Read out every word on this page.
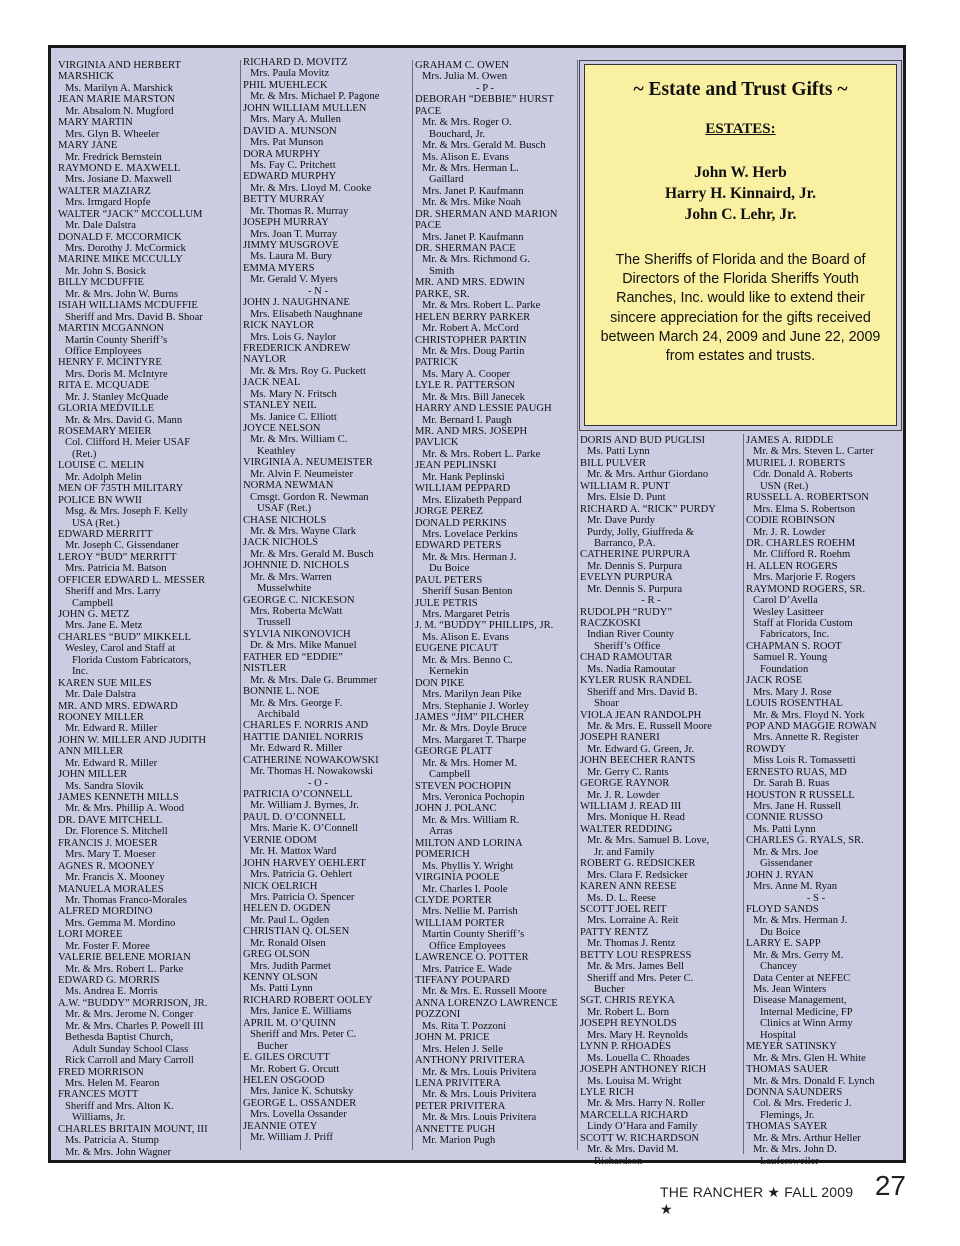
VIRGINIA AND HERBERT
MARSHICK
Ms. Marilyn A. Marshick
JEAN MARIE MARSTON
Mr. Absalom N. Mugford
MARY MARTIN
Mrs. Glyn B. Wheeler
MARY JANE
Mr. Fredrick Bernstein
RAYMOND E. MAXWELL
Mrs. Josiane D. Maxwell
WALTER MAZIARZ
Mrs. Irmgard Hopfe
WALTER “JACK” MCCOLLUM
Mr. Dale Dalstra
DONALD F. MCCORMICK
Mrs. Dorothy J. McCormick
MARINE MIKE MCCULLY
Mr. John S. Bosick
BILLY MCDUFFIE
Mr. & Mrs. John W. Burns
ISIAH WILLIAMS MCDUFFIE
Sheriff and Mrs. David B. Shoar
MARTIN MCGANNON
Martin County Sheriff’s
Office Employees
HENRY F. MCINTYRE
Mrs. Doris M. McIntyre
RITA E. MCQUADE
Mr. J. Stanley McQuade
GLORIA MEDVILLE
Mr. & Mrs. David G. Mann
ROSEMARY MEIER
Col. Clifford H. Meier USAF
(Ret.)
LOUISE C. MELIN
Mr. Adolph Melin
MEN OF 735TH MILITARY
POLICE BN WWII
Msg. & Mrs. Joseph F. Kelly
USA (Ret.)
EDWARD MERRITT
Mr. Joseph C. Gissendaner
LEROY “BUD” MERRITT
Mrs. Patricia M. Batson
OFFICER EDWARD L. MESSER
Sheriff and Mrs. Larry
Campbell
JOHN G. METZ
Mrs. Jane E. Metz
CHARLES “BUD” MIKKELL
Wesley, Carol and Staff at
Florida Custom Fabricators,
Inc.
KAREN SUE MILES
Mr. Dale Dalstra
MR. AND MRS. EDWARD
ROONEY MILLER
Mr. Edward R. Miller
JOHN W. MILLER AND JUDITH
ANN MILLER
Mr. Edward R. Miller
JOHN MILLER
Ms. Sandra Slovik
JAMES KENNETH MILLS
Mr. & Mrs. Phillip A. Wood
DR. DAVE MITCHELL
Dr. Florence S. Mitchell
FRANCIS J. MOESER
Mrs. Mary T. Moeser
AGNES R. MOONEY
Mr. Francis X. Mooney
MANUELA MORALES
Mr. Thomas Franco-Morales
ALFRED MORDINO
Mrs. Gemma M. Mordino
LORI MOREE
Mr. Foster F. Moree
VALERIE BELENE MORIAN
Mr. & Mrs. Robert L. Parke
EDWARD G. MORRIS
Ms. Andrea E. Morris
A.W. “BUDDY” MORRISON, JR.
Mr. & Mrs. Jerome N. Conger
Mr. & Mrs. Charles P. Powell III
Bethesda Baptist Church,
Adult Sunday School Class
Rick Carroll and Mary Carroll
FRED MORRISON
Mrs. Helen M. Fearon
FRANCES MOTT
Sheriff and Mrs. Alton K.
Williams, Jr.
CHARLES BRITAIN MOUNT, III
Ms. Patricia A. Stump
Mr. & Mrs. John Wagner
RICHARD D. MOVITZ
Mrs. Paula Movitz
PHIL MUEHLECK
Mr. & Mrs. Michael P. Pagone
JOHN WILLIAM MULLEN
Mrs. Mary A. Mullen
DAVID A. MUNSON
Mrs. Pat Munson
DORA MURPHY
Ms. Fay C. Pritchett
EDWARD MURPHY
Mr. & Mrs. Lloyd M. Cooke
BETTY MURRAY
Mr. Thomas R. Murray
JOSEPH MURRAY
Mrs. Joan T. Murray
JIMMY MUSGROVE
Ms. Laura M. Bury
EMMA MYERS
Mr. Gerald V. Myers
- N -
JOHN J. NAUGHNANE
Mrs. Elisabeth Naughnane
RICK NAYLOR
Mrs. Lois G. Naylor
FREDERICK ANDREW
NAYLOR
Mr. & Mrs. Roy G. Puckett
JACK NEAL
Ms. Mary N. Fritsch
STANLEY NEIL
Ms. Janice C. Elliott
JOYCE NELSON
Mr. & Mrs. William C.
Keathley
VIRGINIA A. NEUMEISTER
Mr. Alvin F. Neumeister
NORMA NEWMAN
Cmsgt. Gordon R. Newman
USAF (Ret.)
CHASE NICHOLS
Mr. & Mrs. Wayne Clark
JACK NICHOLS
Mr. & Mrs. Gerald M. Busch
JOHNNIE D. NICHOLS
Mr. & Mrs. Warren
Musselwhite
GEORGE C. NICKESON
Mrs. Roberta McWatt
Trussell
SYLVIA NIKONOVICH
Dr. & Mrs. Mike Manuel
FATHER ED “EDDIE”
NISTLER
Mr. & Mrs. Dale G. Brummer
BONNIE L. NOE
Mr. & Mrs. George F.
Archibald
CHARLES F. NORRIS AND
HATTIE DANIEL NORRIS
Mr. Edward R. Miller
CATHERINE NOWAKOWSKI
Mr. Thomas H. Nowakowski
- O -
PATRICIA O’CONNELL
Mr. William J. Byrnes, Jr.
PAUL D. O’CONNELL
Mrs. Marie K. O’Connell
VERNIE ODOM
Mr. H. Mattox Ward
JOHN HARVEY OEHLERT
Mrs. Patricia G. Oehlert
NICK OELRICH
Mrs. Patricia O. Spencer
HELEN D. OGDEN
Mr. Paul L. Ogden
CHRISTIAN Q. OLSEN
Mr. Ronald Olsen
GREG OLSON
Mrs. Judith Parmet
KENNY OLSON
Ms. Patti Lynn
RICHARD ROBERT OOLEY
Mrs. Janice E. Williams
APRIL M. O’QUINN
Sheriff and Mrs. Peter C.
Bucher
E. GILES ORCUTT
Mr. Robert G. Orcutt
HELEN OSGOOD
Mrs. Janice K. Schutsky
GEORGE L. OSSANDER
Mrs. Lovella Ossander
JEANNIE OTEY
Mr. William J. Priff
GRAHAM C. OWEN
Mrs. Julia M. Owen
- P -
DEBORAH “DEBBIE” HURST
PACE
Mr. & Mrs. Roger O.
Bouchard, Jr.
Mr. & Mrs. Gerald M. Busch
Ms. Alison E. Evans
Mr. & Mrs. Herman L.
Gaillard
Mrs. Janet P. Kaufmann
Mr. & Mrs. Mike Noah
DR. SHERMAN AND MARION
PACE
Mrs. Janet P. Kaufmann
DR. SHERMAN PACE
Mr. & Mrs. Richmond G.
Smith
MR. AND MRS. EDWIN
PARKE, SR.
Mr. & Mrs. Robert L. Parke
HELEN BERRY PARKER
Mr. Robert A. McCord
CHRISTOPHER PARTIN
Mr. & Mrs. Doug Partin
PATRICK
Ms. Mary A. Cooper
LYLE R. PATTERSON
Mr. & Mrs. Bill Janecek
HARRY AND LESSIE PAUGH
Mr. Bernard I. Paugh
MR. AND MRS. JOSEPH
PAVLICK
Mr. & Mrs. Robert L. Parke
JEAN PEPLINSKI
Mr. Hank Peplinski
WILLIAM PEPPARD
Mrs. Elizabeth Peppard
JORGE PEREZ
DONALD PERKINS
Mrs. Lovelace Perkins
EDWARD PETERS
Mr. & Mrs. Herman J.
Du Boice
PAUL PETERS
Sheriff Susan Benton
JULE PETRIS
Mrs. Margaret Petris
J. M. “BUDDY” PHILLIPS, JR.
Ms. Alison E. Evans
EUGENE PICAUT
Mr. & Mrs. Benno C.
Kernekin
DON PIKE
Mrs. Marilyn Jean Pike
Mrs. Stephanie J. Worley
JAMES “JIM” PILCHER
Mr. & Mrs. Doyle Bruce
Mrs. Margaret T. Tharpe
GEORGE PLATT
Mr. & Mrs. Homer M.
Campbell
STEVEN POCHOPIN
Mrs. Veronica Pochopin
JOHN J. POLANC
Mr. & Mrs. William R.
Arras
MILTON AND LORINA
POMERICH
Ms. Phyllis Y. Wright
VIRGINIA POOLE
Mr. Charles I. Poole
CLYDE PORTER
Mrs. Nellie M. Parrish
WILLIAM PORTER
Martin County Sheriff’s
Office Employees
LAWRENCE O. POTTER
Mrs. Patrice E. Wade
TIFFANY POUPARD
Mr. & Mrs. E. Russell Moore
ANNA LORENZO LAWRENCE
POZZONI
Ms. Rita T. Pozzoni
JOHN M. PRICE
Mrs. Helen J. Selle
ANTHONY PRIVITERA
Mr. & Mrs. Louis Privitera
LENA PRIVITERA
Mr. & Mrs. Louis Privitera
PETER PRIVITERA
Mr. & Mrs. Louis Privitera
ANNETTE PUGH
Mr. Marion Pugh
~ Estate and Trust Gifts ~
ESTATES:
John W. Herb
Harry H. Kinnaird, Jr.
John C. Lehr, Jr.
The Sheriffs of Florida and the Board of Directors of the Florida Sheriffs Youth Ranches, Inc. would like to extend their sincere appreciation for the gifts received between March 24, 2009 and June 22, 2009 from estates and trusts.
DORIS AND BUD PUGLISI
Ms. Patti Lynn
BILL PULVER
Mr. & Mrs. Arthur Giordano
WILLIAM R. PUNT
Mrs. Elsie D. Punt
RICHARD A. “RICK” PURDY
Mr. Dave Purdy
Purdy, Jolly, Giuffreda &
Barranco, P.A.
CATHERINE PURPURA
Mr. Dennis S. Purpura
EVELYN PURPURA
Mr. Dennis S. Purpura
- R -
RUDOLPH “RUDY”
RACZKOSKI
Indian River County
Sheriff’s Office
CHAD RAMOUTAR
Ms. Nadia Ramoutar
KYLER RUSK RANDEL
Sheriff and Mrs. David B.
Shoar
VIOLA JEAN RANDOLPH
Mr. & Mrs. E. Russell Moore
JOSEPH RANERI
Mr. Edward G. Green, Jr.
JOHN BEECHER RANTS
Mr. Gerry C. Rants
GEORGE RAYNOR
Mr. J. R. Lowder
WILLIAM J. READ III
Mrs. Monique H. Read
WALTER REDDING
Mr. & Mrs. Samuel B. Love,
Jr. and Family
ROBERT G. REDSICKER
Mrs. Clara F. Redsicker
KAREN ANN REESE
Ms. D. L. Reese
SCOTT JOEL REIT
Mrs. Lorraine A. Reit
PATTY RENTZ
Mr. Thomas J. Rentz
BETTY LOU RESPRESS
Mr. & Mrs. James Bell
Sheriff and Mrs. Peter C.
Bucher
SGT. CHRIS REYKA
Mr. Robert L. Born
JOSEPH REYNOLDS
Mrs. Mary H. Reynolds
LYNN P. RHOADES
Ms. Louella C. Rhoades
JOSEPH ANTHONEY RICH
Ms. Louisa M. Wright
LYLE RICH
Mr. & Mrs. Harry N. Roller
MARCELLA RICHARD
Lindy O’Hara and Family
SCOTT W. RICHARDSON
Mr. & Mrs. David M.
Richardson
JAMES A. RIDDLE
Mr. & Mrs. Steven L. Carter
MURIEL J. ROBERTS
Cdr. Donald A. Roberts
USN (Ret.)
RUSSELL A. ROBERTSON
Mrs. Elma S. Robertson
CODIE ROBINSON
Mr. J. R. Lowder
DR. CHARLES ROEHM
Mr. Clifford R. Roehm
H. ALLEN ROGERS
Mrs. Marjorie F. Rogers
RAYMOND ROGERS, SR.
Carol D’Avella
Wesley Lasitteer
Staff at Florida Custom
Fabricators, Inc.
CHAPMAN S. ROOT
Samuel R. Young
Foundation
JACK ROSE
Mrs. Mary J. Rose
LOUIS ROSENTHAL
Mr. & Mrs. Floyd N. York
POP AND MAGGIE ROWAN
Mrs. Annette R. Register
ROWDY
Miss Lois R. Tomassetti
ERNESTO RUAS, MD
Dr. Sarah B. Ruas
HOUSTON R RUSSELL
Mrs. Jane H. Russell
CONNIE RUSSO
Ms. Patti Lynn
CHARLES G. RYALS, SR.
Mr. & Mrs. Joe
Gissendaner
JOHN J. RYAN
Mrs. Anne M. Ryan
- S -
FLOYD SANDS
Mr. & Mrs. Herman J.
Du Boice
LARRY E. SAPP
Mr. & Mrs. Gerry M.
Chancey
Data Center at NEFEC
Ms. Jean Winters
Disease Management,
Internal Medicine, FP
Clinics at Winn Army
Hospital
MEYER SATINSKY
Mr. & Mrs. Glen H. White
THOMAS SAUER
Mr. & Mrs. Donald F. Lynch
DONNA SAUNDERS
Col. & Mrs. Frederic J.
Flemings, Jr.
THOMAS SAYER
Mr. & Mrs. Arthur Heller
Mr. & Mrs. John D.
Laufersweiler
THE RANCHER ★ FALL 2009 ★
27
